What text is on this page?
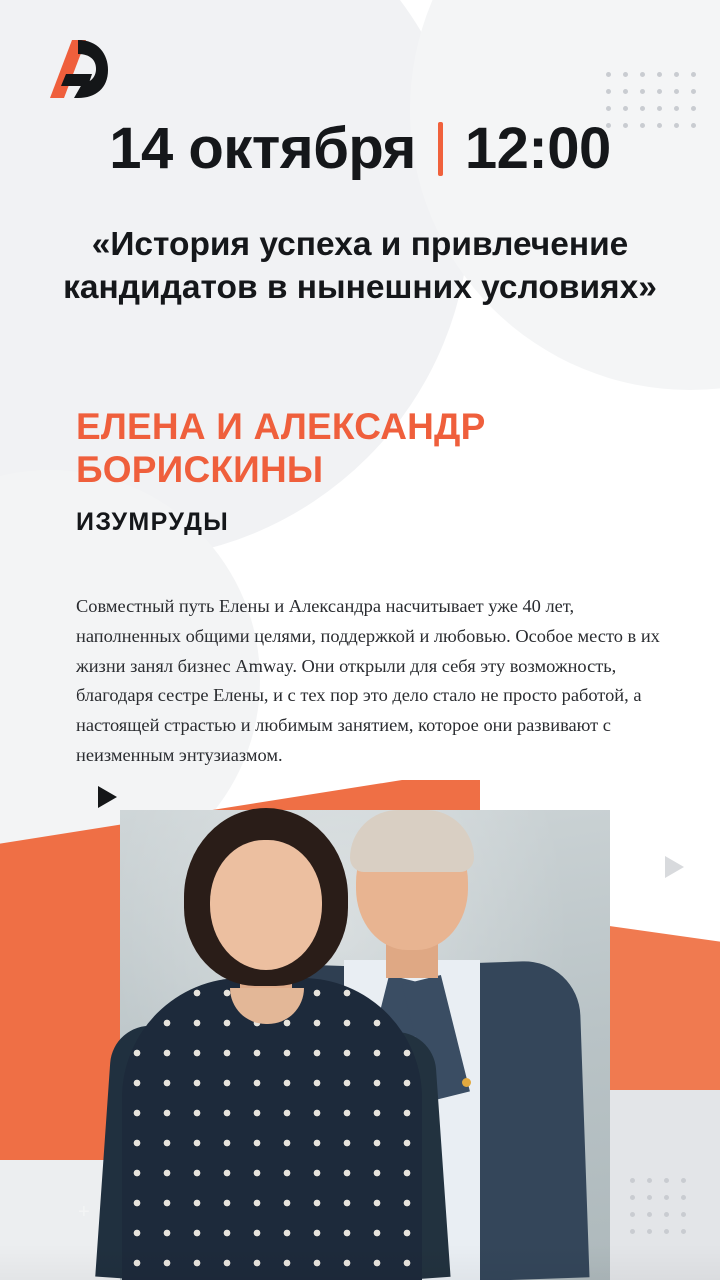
14 октября 12:00
«История успеха и привлечение кандидатов в нынешних условиях»
ЕЛЕНА И АЛЕКСАНДР БОРИСКИНЫ
ИЗУМРУДЫ
Совместный путь Елены и Александра насчитывает уже 40 лет, наполненных общими целями, поддержкой и любовью. Особое место в их жизни занял бизнес Amway. Они открыли для себя эту возможность, благодаря сестре Елены, и с тех пор это дело стало не просто работой, а настоящей страстью и любимым занятием, которое они развивают с неизменным энтузиазмом.
+
